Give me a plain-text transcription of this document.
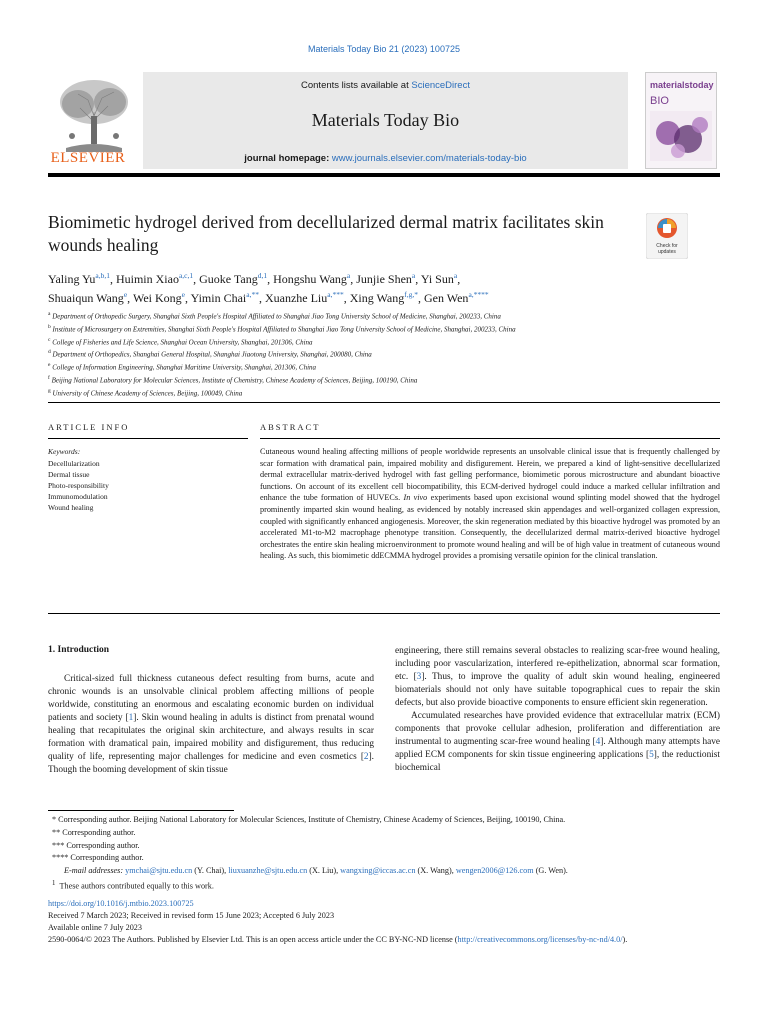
Materials Today Bio 21 (2023) 100725
ELSEVIER
Contents lists available at ScienceDirect
Materials Today Bio
journal homepage: www.journals.elsevier.com/materials-today-bio
materialstoday
BIO
Biomimetic hydrogel derived from decellularized dermal matrix facilitates skin wounds healing	Check for
updates
Yaling Yu$^{a,b,1}$, Huimin Xiao$^{a,c,1}$, Guoke Tang$^{d,1}$, Hongshu Wang$^a$, Junjie Shen$^a$, Yi Sun$^a$,
Shuaiqun Wang$^e$, Wei Kong$^e$, Yimin Chai$^{a,**}$, Xuanzhe Liu$^{a,***}$, Xing Wang$^{f,g,*}$, Gen Wen$^{a,****}$
$^a$ Department of Orthopedic Surgery, Shanghai Sixth People's Hospital Affiliated to Shanghai Jiao Tong University School of Medicine, Shanghai, 200233, China
$^b$ Institute of Microsurgery on Extremities, Shanghai Sixth People's Hospital Affiliated to Shanghai Jiao Tong University School of Medicine, Shanghai, 200233, China
$^c$ College of Fisheries and Life Science, Shanghai Ocean University, Shanghai, 201306, China
$^d$ Department of Orthopedics, Shanghai General Hospital, Shanghai Jiaotong University, Shanghai, 200080, China
$^e$ College of Information Engineering, Shanghai Maritime University, Shanghai, 201306, China
$^f$ Beijing National Laboratory for Molecular Sciences, Institute of Chemistry, Chinese Academy of Sciences, Beijing, 100190, China
$^g$ University of Chinese Academy of Sciences, Beijing, 100049, China
ARTICLE INFO
Keywords:
Decellularization
Dermal tissue
Photo-responsibility
Immunomodulation
Wound healing
ABSTRACT
Cutaneous wound healing affecting millions of people worldwide represents an unsolvable clinical issue that is frequently challenged by scar formation with dramatical pain, impaired mobility and disfigurement. Herein, we prepared a kind of light-sensitive decellularized dermal extracellular matrix-derived hydrogel with fast gelling performance, biomimetic porous microstructure and abundant bioactive functions. On account of its excellent cell biocompatibility, this ECM-derived hydrogel could induce a marked cellular infiltration and enhance the tube formation of HUVECs. In vivo experiments based upon excisional wound splinting model showed that the hydrogel prominently imparted skin wound healing, as evidenced by notably increased skin appendages and well-organized collagen expression, coupled with significantly enhanced angiogenesis. Moreover, the skin regeneration mediated by this bioactive hydrogel was promoted by an accelerated M1-to-M2 macrophage phenotype transition. Consequently, the decellularized dermal matrix-derived bioactive hydrogel orchestrates the entire skin healing microenvironment to promote wound healing and will be of high value in treatment of cutaneous wound healing. As such, this biomimetic ddECMMA hydrogel provides a promising versatile opinion for the clinical translation.
1. Introduction

Critical-sized full thickness cutaneous defect resulting from burns, acute and chronic wounds is an unsolvable clinical problem affecting millions of people worldwide, constituting an enormous and escalating economic burden on individual patients and society [1]. Skin wound healing in adults is distinct from prenatal wound healing that recapitulates the original skin architecture, and always results in scar formation with dramatical pain, impaired mobility and disfigurement, thus reducing quality of life, representing major challenges for medicine and even cosmetics [2]. Though the booming development of skin tissue

engineering, there still remains several obstacles to realizing scar-free wound healing, including poor vascularization, interfered re-epithelization, abnormal scar formation, etc. [3]. Thus, to improve the quality of adult skin wound healing, engineered biomaterials should not only have suitable topographical cues to repair the skin defects, but also provide bioactive components to ensure efficient skin regeneration.

Accumulated researches have provided evidence that extracellular matrix (ECM) components that provoke cellular adhesion, proliferation and differentiation are instrumental to augmenting scar-free wound healing [4]. Although many attempts have applied ECM components for skin tissue engineering applications [5], the reductionist biochemical

* Corresponding author. Beijing National Laboratory for Molecular Sciences, Institute of Chemistry, Chinese Academy of Sciences, Beijing, 100190, China.
** Corresponding author.
*** Corresponding author.
**** Corresponding author.
E-mail addresses: ymchai@sjtu.edu.cn (Y. Chai), liuxuanzhe@sjtu.edu.cn (X. Liu), wangxing@iccas.ac.cn (X. Wang), wengen2006@126.com (G. Wen).
$^1$ These authors contributed equally to this work.
https://doi.org/10.1016/j.mtbio.2023.100725
Received 7 March 2023; Received in revised form 15 June 2023; Accepted 6 July 2023
Available online 7 July 2023
2590-0064/© 2023 The Authors. Published by Elsevier Ltd. This is an open access article under the CC BY-NC-ND license (http://creativecommons.org/licenses/by-nc-nd/4.0/).
